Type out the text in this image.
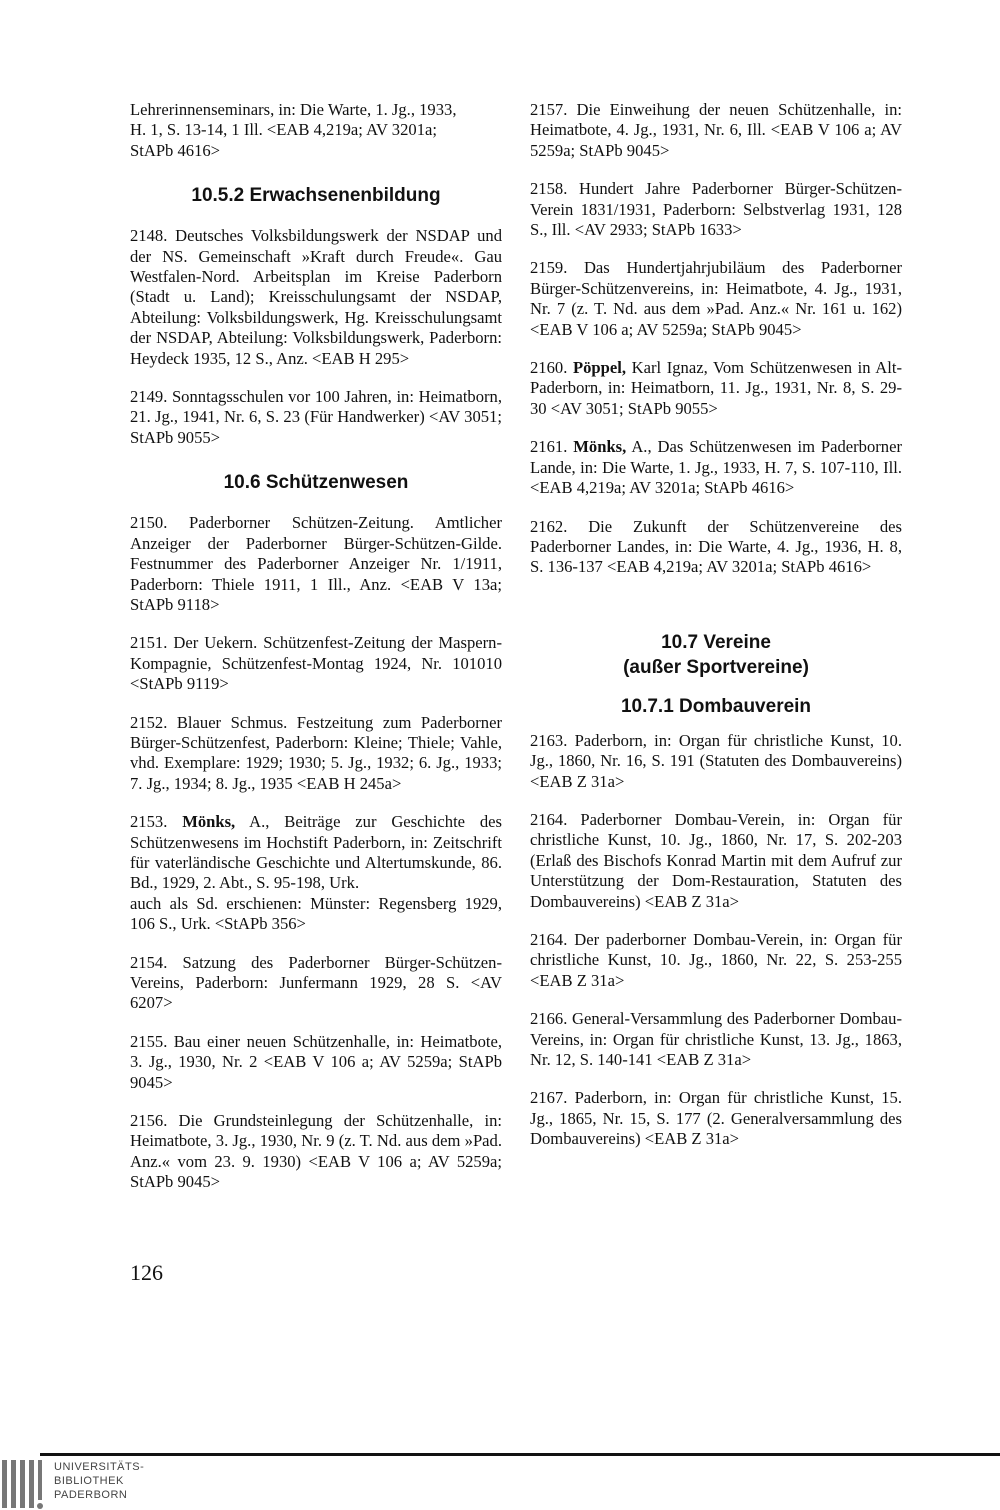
Lehrerinnenseminars, in: Die Warte, 1. Jg., 1933,
H. 1, S. 13-14, 1 Ill. <EAB 4,219a; AV 3201a;
StAPb 4616>
10.5.2 Erwachsenenbildung
2148. Deutsches Volksbildungswerk der NSDAP und der NS. Gemeinschaft »Kraft durch Freude«. Gau Westfalen-Nord. Arbeitsplan im Kreise Paderborn (Stadt u. Land); Kreisschulungsamt der NSDAP, Abteilung: Volksbildungswerk, Hg. Kreisschulungsamt der NSDAP, Abteilung: Volksbildungswerk, Paderborn: Heydeck 1935, 12 S., Anz. <EAB H 295>
2149. Sonntagsschulen vor 100 Jahren, in: Heimatborn, 21. Jg., 1941, Nr. 6, S. 23 (Für Handwerker) <AV 3051; StAPb 9055>
10.6 Schützenwesen
2150. Paderborner Schützen-Zeitung. Amtlicher Anzeiger der Paderborner Bürger-Schützen-Gilde. Festnummer des Paderborner Anzeiger Nr. 1/1911, Paderborn: Thiele 1911, 1 Ill., Anz. <EAB V 13a; StAPb 9118>
2151. Der Uekern. Schützenfest-Zeitung der Maspern-Kompagnie, Schützenfest-Montag 1924, Nr. 101010 <StAPb 9119>
2152. Blauer Schmus. Festzeitung zum Paderborner Bürger-Schützenfest, Paderborn: Kleine; Thiele; Vahle, vhd. Exemplare: 1929; 1930; 5. Jg., 1932; 6. Jg., 1933; 7. Jg., 1934; 8. Jg., 1935 <EAB H 245a>
2153. Mönks, A., Beiträge zur Geschichte des Schützenwesens im Hochstift Paderborn, in: Zeitschrift für vaterländische Geschichte und Altertumskunde, 86. Bd., 1929, 2. Abt., S. 95-198, Urk.
auch als Sd. erschienen: Münster: Regensberg 1929, 106 S., Urk. <StAPb 356>
2154. Satzung des Paderborner Bürger-Schützen-Vereins, Paderborn: Junfermann 1929, 28 S. <AV 6207>
2155. Bau einer neuen Schützenhalle, in: Heimatbote, 3. Jg., 1930, Nr. 2 <EAB V 106 a; AV 5259a; StAPb 9045>
2156. Die Grundsteinlegung der Schützenhalle, in: Heimatbote, 3. Jg., 1930, Nr. 9 (z. T. Nd. aus dem »Pad. Anz.« vom 23. 9. 1930) <EAB V 106 a; AV 5259a; StAPb 9045>
2157. Die Einweihung der neuen Schützenhalle, in: Heimatbote, 4. Jg., 1931, Nr. 6, Ill. <EAB V 106 a; AV 5259a; StAPb 9045>
2158. Hundert Jahre Paderborner Bürger-Schützen-Verein 1831/1931, Paderborn: Selbstverlag 1931, 128 S., Ill. <AV 2933; StAPb 1633>
2159. Das Hundertjahrjubiläum des Paderborner Bürger-Schützenvereins, in: Heimatbote, 4. Jg., 1931, Nr. 7 (z. T. Nd. aus dem »Pad. Anz.« Nr. 161 u. 162) <EAB V 106 a; AV 5259a; StAPb 9045>
2160. Pöppel, Karl Ignaz, Vom Schützenwesen in Alt-Paderborn, in: Heimatborn, 11. Jg., 1931, Nr. 8, S. 29-30 <AV 3051; StAPb 9055>
2161. Mönks, A., Das Schützenwesen im Paderborner Lande, in: Die Warte, 1. Jg., 1933, H. 7, S. 107-110, Ill. <EAB 4,219a; AV 3201a; StAPb 4616>
2162. Die Zukunft der Schützenvereine des Paderborner Landes, in: Die Warte, 4. Jg., 1936, H. 8, S. 136-137 <EAB 4,219a; AV 3201a; StAPb 4616>
10.7 Vereine
(außer Sportvereine)
10.7.1 Dombauverein
2163. Paderborn, in: Organ für christliche Kunst, 10. Jg., 1860, Nr. 16, S. 191 (Statuten des Dombauvereins) <EAB Z 31a>
2164. Paderborner Dombau-Verein, in: Organ für christliche Kunst, 10. Jg., 1860, Nr. 17, S. 202-203 (Erlaß des Bischofs Konrad Martin mit dem Aufruf zur Unterstützung der Dom-Restauration, Statuten des Dombauvereins) <EAB Z 31a>
2164. Der paderborner Dombau-Verein, in: Organ für christliche Kunst, 10. Jg., 1860, Nr. 22, S. 253-255 <EAB Z 31a>
2166. General-Versammlung des Paderborner Dombau-Vereins, in: Organ für christliche Kunst, 13. Jg., 1863, Nr. 12, S. 140-141 <EAB Z 31a>
2167. Paderborn, in: Organ für christliche Kunst, 15. Jg., 1865, Nr. 15, S. 177 (2. Generalversammlung des Dombauvereins) <EAB Z 31a>
126
UNIVERSITÄTS-
BIBLIOTHEK
PADERBORN
